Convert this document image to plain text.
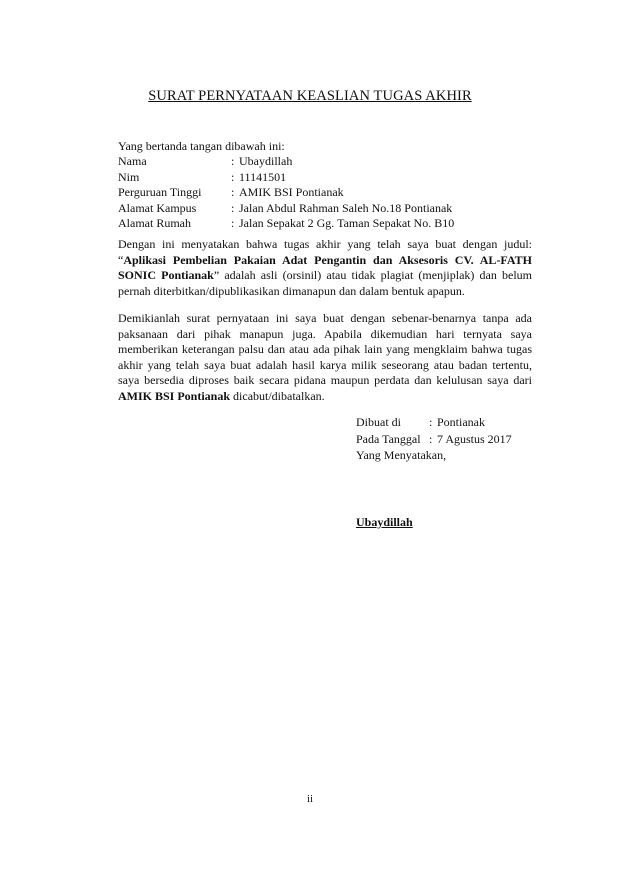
SURAT PERNYATAAN KEASLIAN TUGAS AKHIR
Yang bertanda tangan dibawah ini:
Nama	: Ubaydillah
Nim	: 11141501
Perguruan Tinggi	: AMIK BSI Pontianak
Alamat Kampus	: Jalan Abdul Rahman Saleh No.18 Pontianak
Alamat Rumah	: Jalan Sepakat 2 Gg. Taman Sepakat No. B10

Dengan ini menyatakan bahwa tugas akhir yang telah saya buat dengan judul: “Aplikasi Pembelian Pakaian Adat Pengantin dan Aksesoris CV. AL-FATH SONIC Pontianak” adalah asli (orsinil) atau tidak plagiat (menjiplak) dan belum pernah diterbitkan/dipublikasikan dimanapun dan dalam bentuk apapun.

Demikianlah surat pernyataan ini saya buat dengan sebenar-benarnya tanpa ada paksanaan dari pihak manapun juga. Apabila dikemudian hari ternyata saya memberikan keterangan palsu dan atau ada pihak lain yang mengklaim bahwa tugas akhir yang telah saya buat adalah hasil karya milik seseorang atau badan tertentu, saya bersedia diproses baik secara pidana maupun perdata dan kelulusan saya dari AMIK BSI Pontianak dicabut/dibatalkan.

Dibuat di	: Pontianak
Pada Tanggal : 7 Agustus 2017
Yang Menyatakan,
Ubaydillah
ii
